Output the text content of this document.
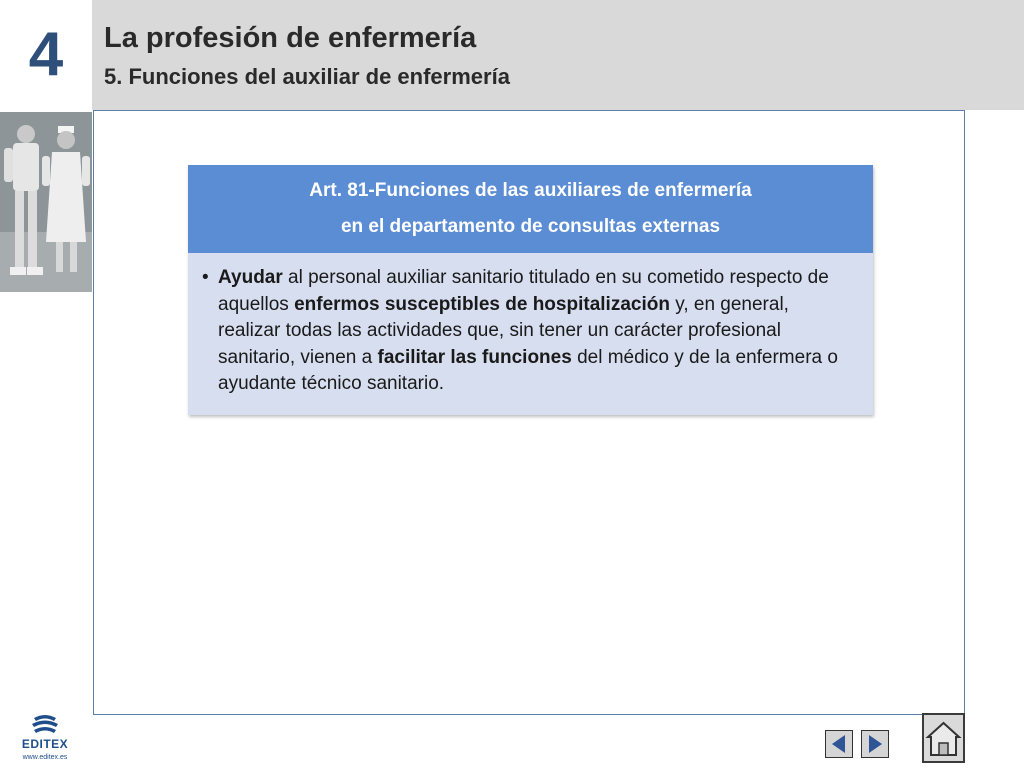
4 La profesión de enfermería
5. Funciones del auxiliar de enfermería
Art. 81-Funciones de las auxiliares de enfermería
en el departamento de consultas externas
• Ayudar al personal auxiliar sanitario titulado en su cometido respecto de aquellos enfermos susceptibles de hospitalización y, en general, realizar todas las actividades que, sin tener un carácter profesional sanitario, vienen a facilitar las funciones del médico y de la enfermera o ayudante técnico sanitario.
EDITEX
www.editex.es
